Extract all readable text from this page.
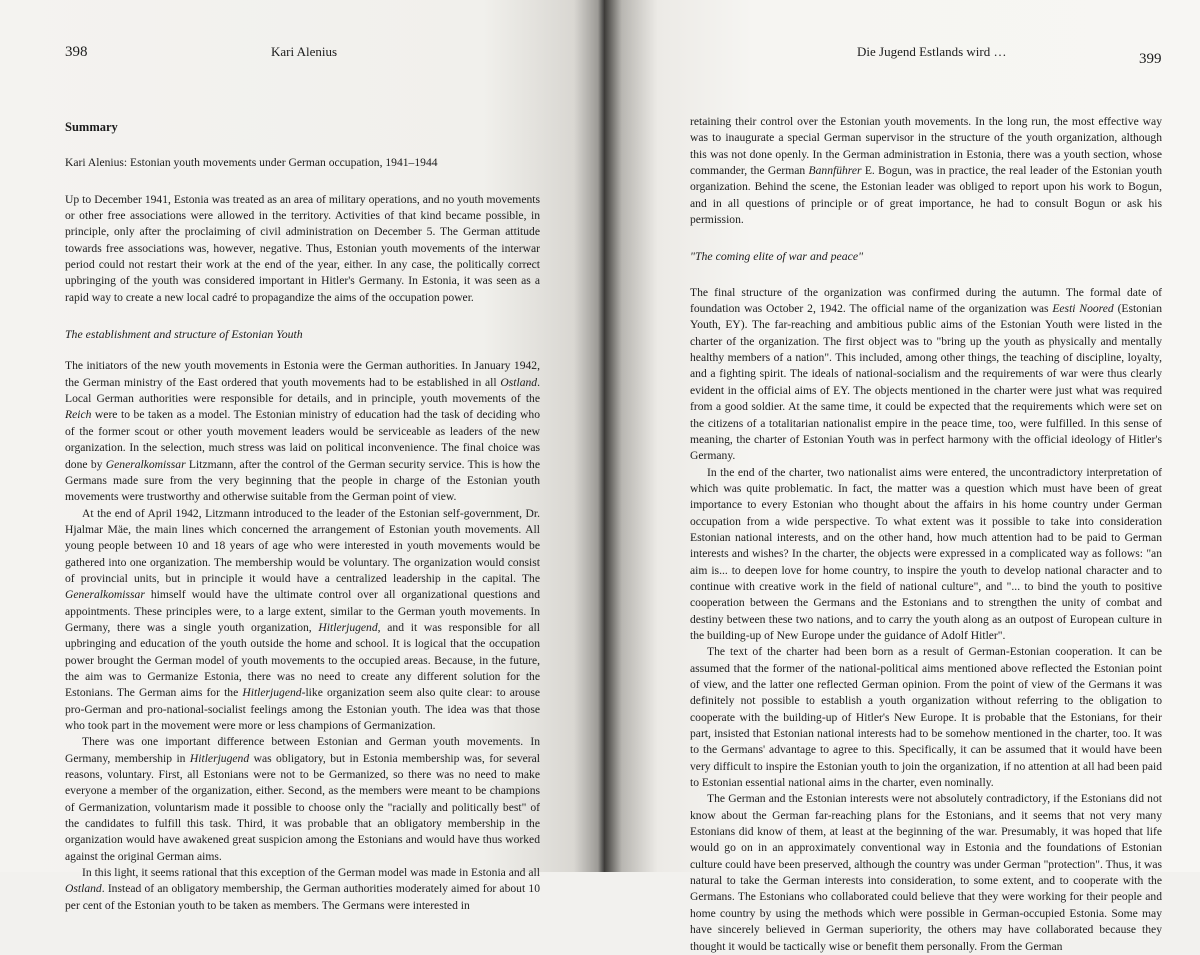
398	Kari Alenius
Summary

Kari Alenius: Estonian youth movements under German occupation, 1941–1944

Up to December 1941, Estonia was treated as an area of military operations, and no youth movements or other free associations were allowed in the territory. Activities of that kind became possible, in principle, only after the proclaiming of civil administration on December 5. The German attitude towards free associations was, however, negative. Thus, Estonian youth movements of the interwar period could not restart their work at the end of the year, either. In any case, the politically correct upbringing of the youth was considered important in Hitler's Germany. In Estonia, it was seen as a rapid way to create a new local cadré to propagandize the aims of the occupation power.

The establishment and structure of Estonian Youth

The initiators of the new youth movements in Estonia were the German authorities. In January 1942, the German ministry of the East ordered that youth movements had to be established in all Ostland. Local German authorities were responsible for details, and in principle, youth movements of the Reich were to be taken as a model. The Estonian ministry of education had the task of deciding who of the former scout or other youth movement leaders would be serviceable as leaders of the new organization. In the selection, much stress was laid on political inconvenience. The final choice was done by Generalkomissar Litzmann, after the control of the German security service. This is how the Germans made sure from the very beginning that the people in charge of the Estonian youth movements were trustworthy and otherwise suitable from the German point of view.

At the end of April 1942, Litzmann introduced to the leader of the Estonian self-government, Dr. Hjalmar Mäe, the main lines which concerned the arrangement of Estonian youth movements. All young people between 10 and 18 years of age who were interested in youth movements would be gathered into one organization. The membership would be voluntary. The organization would consist of provincial units, but in principle it would have a centralized leadership in the capital. The Generalkomissar himself would have the ultimate control over all organizational questions and appointments. These principles were, to a large extent, similar to the German youth movements. In Germany, there was a single youth organization, Hitlerjugend, and it was responsible for all upbringing and education of the youth outside the home and school. It is logical that the occupation power brought the German model of youth movements to the occupied areas. Because, in the future, the aim was to Germanize Estonia, there was no need to create any different solution for the Estonians. The German aims for the Hitlerjugend-like organization seem also quite clear: to arouse pro-German and pro-national-socialist feelings among the Estonian youth. The idea was that those who took part in the movement were more or less champions of Germanization.

There was one important difference between Estonian and German youth movements. In Germany, membership in Hitlerjugend was obligatory, but in Estonia membership was, for several reasons, voluntary. First, all Estonians were not to be Germanized, so there was no need to make everyone a member of the organization, either. Second, as the members were meant to be champions of Germanization, voluntarism made it possible to choose only the "racially and politically best" of the candidates to fulfill this task. Third, it was probable that an obligatory membership in the organization would have awakened great suspicion among the Estonians and would have thus worked against the original German aims.

In this light, it seems rational that this exception of the German model was made in Estonia and all Ostland. Instead of an obligatory membership, the German authorities moderately aimed for about 10 per cent of the Estonian youth to be taken as members. The Germans were interested in

Die Jugend Estlands wird …	399

retaining their control over the Estonian youth movements. In the long run, the most effective way was to inaugurate a special German supervisor in the structure of the youth organization, although this was not done openly. In the German administration in Estonia, there was a youth section, whose commander, the German Bannführer E. Bogun, was in practice, the real leader of the Estonian youth organization. Behind the scene, the Estonian leader was obliged to report upon his work to Bogun, and in all questions of principle or of great importance, he had to consult Bogun or ask his permission.

"The coming elite of war and peace"

The final structure of the organization was confirmed during the autumn. The formal date of foundation was October 2, 1942. The official name of the organization was Eesti Noored (Estonian Youth, EY). The far-reaching and ambitious public aims of the Estonian Youth were listed in the charter of the organization. The first object was to "bring up the youth as physically and mentally healthy members of a nation". This included, among other things, the teaching of discipline, loyalty, and a fighting spirit. The ideals of national-socialism and the requirements of war were thus clearly evident in the official aims of EY. The objects mentioned in the charter were just what was required from a good soldier. At the same time, it could be expected that the requirements which were set on the citizens of a totalitarian nationalist empire in the peace time, too, were fulfilled. In this sense of meaning, the charter of Estonian Youth was in perfect harmony with the official ideology of Hitler's Germany.

In the end of the charter, two nationalist aims were entered, the uncontradictory interpretation of which was quite problematic. In fact, the matter was a question which must have been of great importance to every Estonian who thought about the affairs in his home country under German occupation from a wide perspective. To what extent was it possible to take into consideration Estonian national interests, and on the other hand, how much attention had to be paid to German interests and wishes? In the charter, the objects were expressed in a complicated way as follows: "an aim is... to deepen love for home country, to inspire the youth to develop national character and to continue with creative work in the field of national culture", and "... to bind the youth to positive cooperation between the Germans and the Estonians and to strengthen the unity of combat and destiny between these two nations, and to carry the youth along as an outpost of European culture in the building-up of New Europe under the guidance of Adolf Hitler".

The text of the charter had been born as a result of German-Estonian cooperation. It can be assumed that the former of the national-political aims mentioned above reflected the Estonian point of view, and the latter one reflected German opinion. From the point of view of the Germans it was definitely not possible to establish a youth organization without referring to the obligation to cooperate with the building-up of Hitler's New Europe. It is probable that the Estonians, for their part, insisted that Estonian national interests had to be somehow mentioned in the charter, too. It was to the Germans' advantage to agree to this. Specifically, it can be assumed that it would have been very difficult to inspire the Estonian youth to join the organization, if no attention at all had been paid to Estonian essential national aims in the charter, even nominally.

The German and the Estonian interests were not absolutely contradictory, if the Estonians did not know about the German far-reaching plans for the Estonians, and it seems that not very many Estonians did know of them, at least at the beginning of the war. Presumably, it was hoped that life would go on in an approximately conventional way in Estonia and the foundations of Estonian culture could have been preserved, although the country was under German "protection". Thus, it was natural to take the German interests into consideration, to some extent, and to cooperate with the Germans. The Estonians who collaborated could believe that they were working for their people and home country by using the methods which were possible in German-occupied Estonia. Some may have sincerely believed in German superiority, the others may have collaborated because they thought it would be tactically wise or benefit them personally. From the German
